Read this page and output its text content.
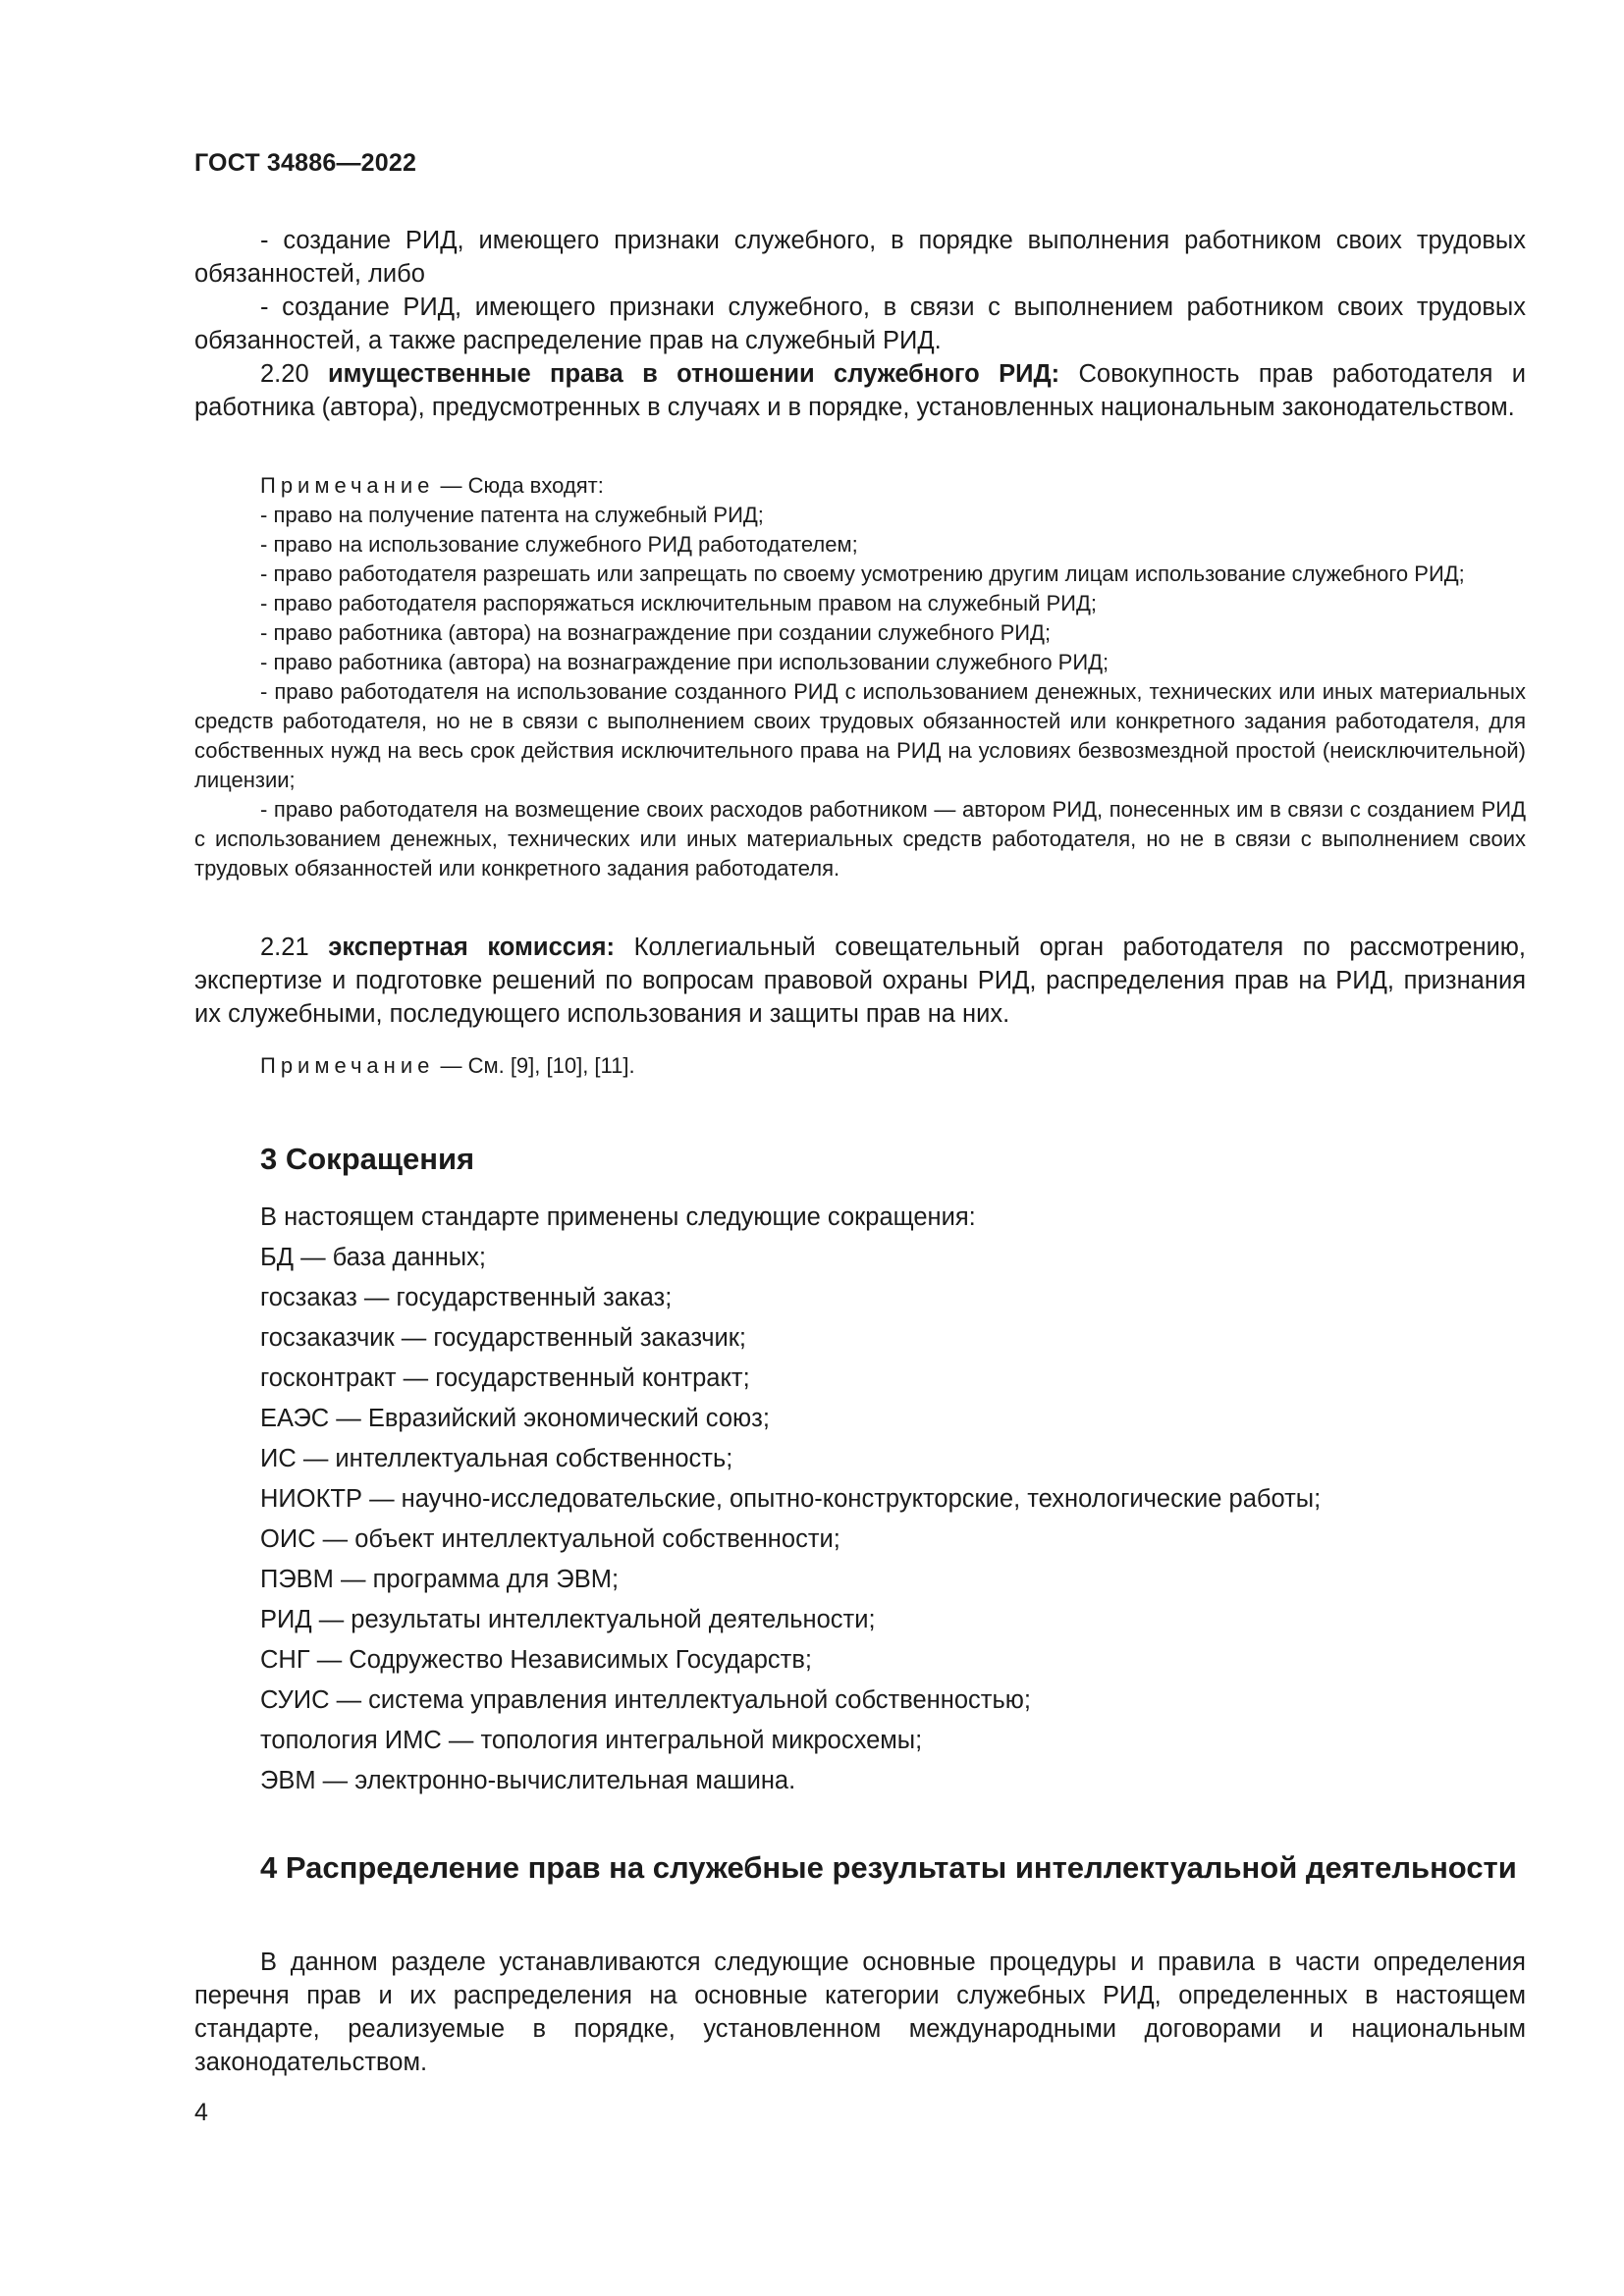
ГОСТ 34886—2022

- создание РИД, имеющего признаки служебного, в порядке выполнения работником своих трудовых обязанностей, либо

- создание РИД, имеющего признаки служебного, в связи с выполнением работником своих трудовых обязанностей, а также распределение прав на служебный РИД.

2.20 имущественные права в отношении служебного РИД: Совокупность прав работодателя и работника (автора), предусмотренных в случаях и в порядке, установленных национальным законодательством.

Примечание — Сюда входят:

- право на получение патента на служебный РИД;

- право на использование служебного РИД работодателем;

- право работодателя разрешать или запрещать по своему усмотрению другим лицам использование служебного РИД;

- право работодателя распоряжаться исключительным правом на служебный РИД;

- право работника (автора) на вознаграждение при создании служебного РИД;

- право работника (автора) на вознаграждение при использовании служебного РИД;

- право работодателя на использование созданного РИД с использованием денежных, технических или иных материальных средств работодателя, но не в связи с выполнением своих трудовых обязанностей или конкретного задания работодателя, для собственных нужд на весь срок действия исключительного права на РИД на условиях безвозмездной простой (неисключительной) лицензии;

- право работодателя на возмещение своих расходов работником — автором РИД, понесенных им в связи с созданием РИД с использованием денежных, технических или иных материальных средств работодателя, но не в связи с выполнением своих трудовых обязанностей или конкретного задания работодателя.

2.21 экспертная комиссия: Коллегиальный совещательный орган работодателя по рассмотрению, экспертизе и подготовке решений по вопросам правовой охраны РИД, распределения прав на РИД, признания их служебными, последующего использования и защиты прав на них.

Примечание — См. [9], [10], [11].

3 Сокращения

В настоящем стандарте применены следующие сокращения:

БД — база данных;

госзаказ — государственный заказ;

госзаказчик — государственный заказчик;

госконтракт — государственный контракт;

ЕАЭС — Евразийский экономический союз;

ИС — интеллектуальная собственность;

НИОКТР — научно-исследовательские, опытно-конструкторские, технологические работы;

ОИС — объект интеллектуальной собственности;

ПЭВМ — программа для ЭВМ;

РИД — результаты интеллектуальной деятельности;

СНГ — Содружество Независимых Государств;

СУИС — система управления интеллектуальной собственностью;

топология ИМС — топология интегральной микросхемы;

ЭВМ — электронно-вычислительная машина.

4 Распределение прав на служебные результаты интеллектуальной деятельности

В данном разделе устанавливаются следующие основные процедуры и правила в части определения перечня прав и их распределения на основные категории служебных РИД, определенных в настоящем стандарте, реализуемые в порядке, установленном международными договорами и национальным законодательством.

4
